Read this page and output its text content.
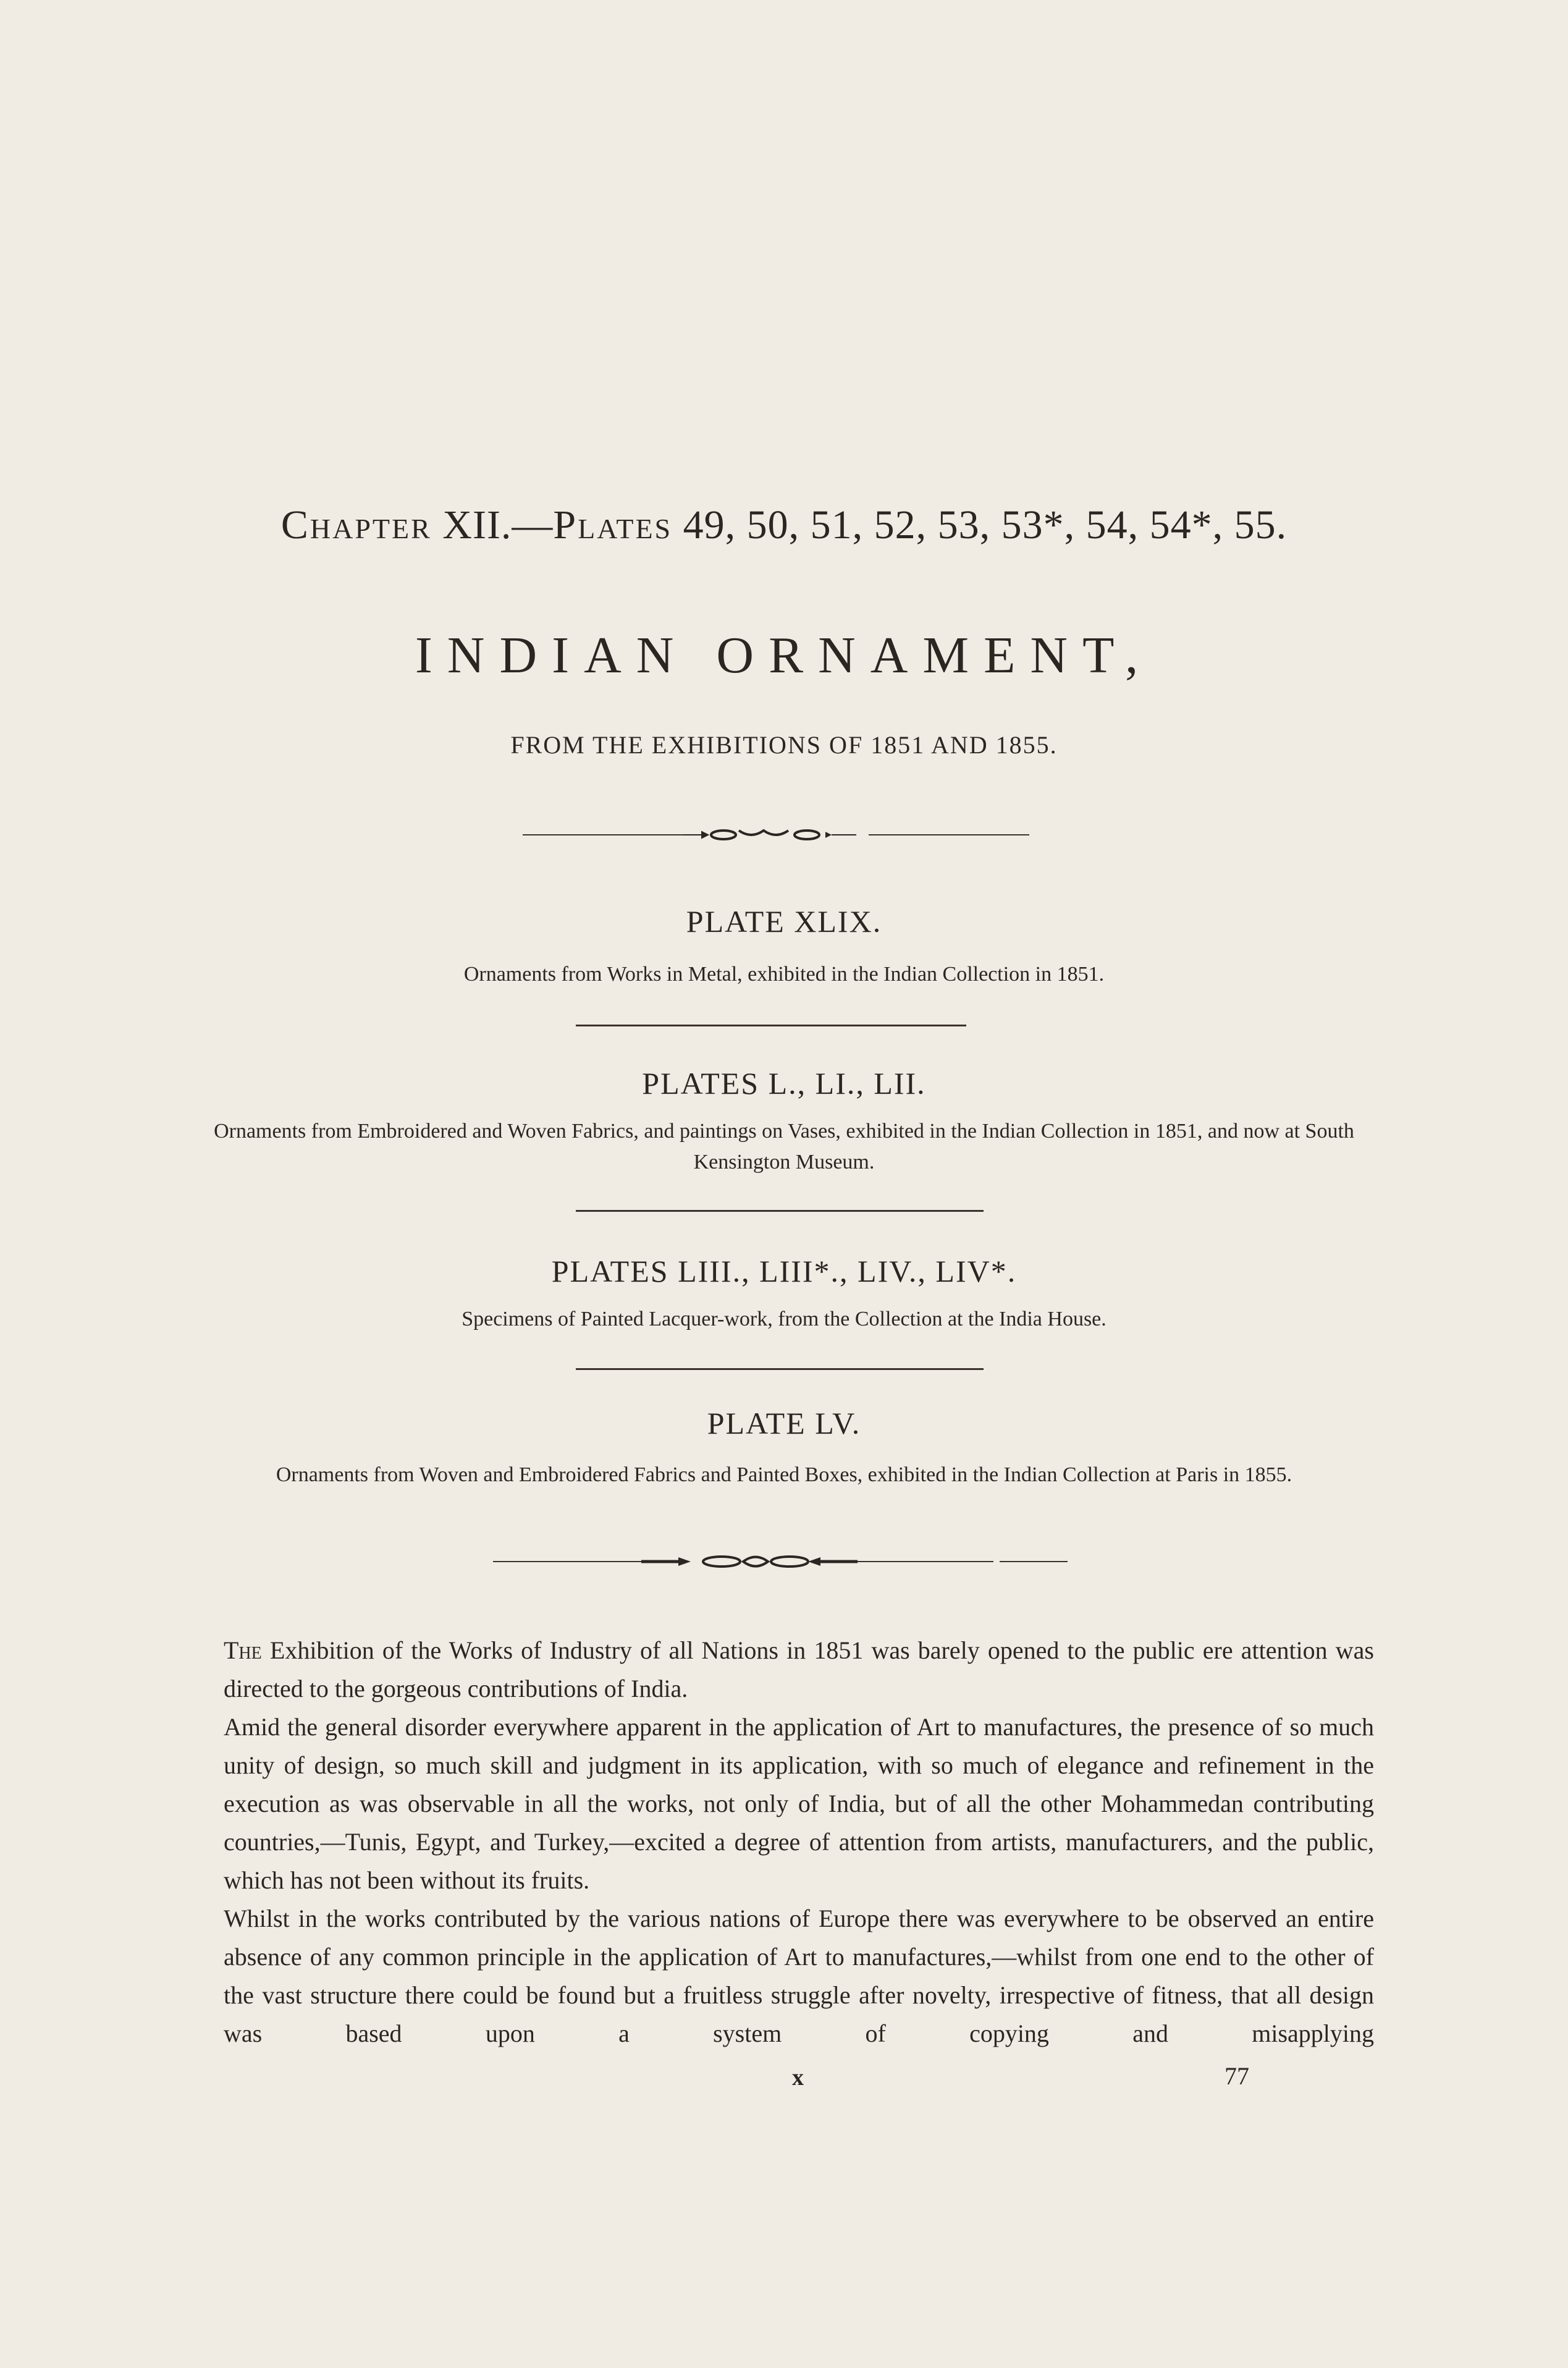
Chapter XII.—Plates 49, 50, 51, 52, 53, 53*, 54, 54*, 55.
INDIAN ORNAMENT,
FROM THE EXHIBITIONS OF 1851 AND 1855.
PLATE XLIX.
Ornaments from Works in Metal, exhibited in the Indian Collection in 1851.
PLATES L., LI., LII.
Ornaments from Embroidered and Woven Fabrics, and paintings on Vases, exhibited in the Indian Collection in 1851, and now at South Kensington Museum.
PLATES LIII., LIII*., LIV., LIV*.
Specimens of Painted Lacquer-work, from the Collection at the India House.
PLATE LV.
Ornaments from Woven and Embroidered Fabrics and Painted Boxes, exhibited in the Indian Collection at Paris in 1855.

The Exhibition of the Works of Industry of all Nations in 1851 was barely opened to the public ere attention was directed to the gorgeous contributions of India.

Amid the general disorder everywhere apparent in the application of Art to manufactures, the presence of so much unity of design, so much skill and judgment in its application, with so much of elegance and refinement in the execution as was observable in all the works, not only of India, but of all the other Mohammedan contributing countries,—Tunis, Egypt, and Turkey,—excited a degree of attention from artists, manufacturers, and the public, which has not been without its fruits.

Whilst in the works contributed by the various nations of Europe there was everywhere to be observed an entire absence of any common principle in the application of Art to manufactures,—whilst from one end to the other of the vast structure there could be found but a fruitless struggle after novelty, irrespective of fitness, that all design was based upon a system of copying and misapplying

x	77
